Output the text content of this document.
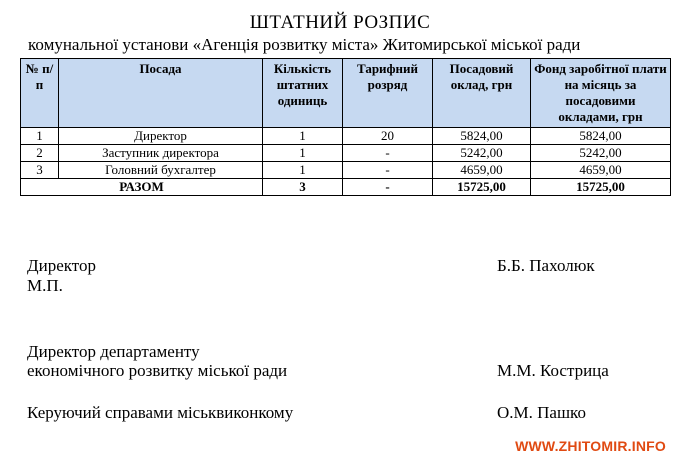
ШТАТНИЙ РОЗПИС
комунальної установи «Агенція розвитку міста» Житомирської міської ради
№ п/п	Посада	Кількість штатних одиниць	Тарифний розряд	Посадовий оклад, грн	Фонд заробітної плати на місяць за посадовими окладами, грн
1	Директор	1	20	5824,00	5824,00
2	Заступник директора	1	-	5242,00	5242,00
3	Головний бухгалтер	1	-	4659,00	4659,00
РАЗОМ		3	-	15725,00	15725,00
Директор
М.П.
Б.Б. Пахолюк
Директор департаменту
економічного розвитку міської ради	М.М. Кострица
Керуючий справами міськвиконкому	О.М. Пашко
WWW.ZHITOMIR.INFO
